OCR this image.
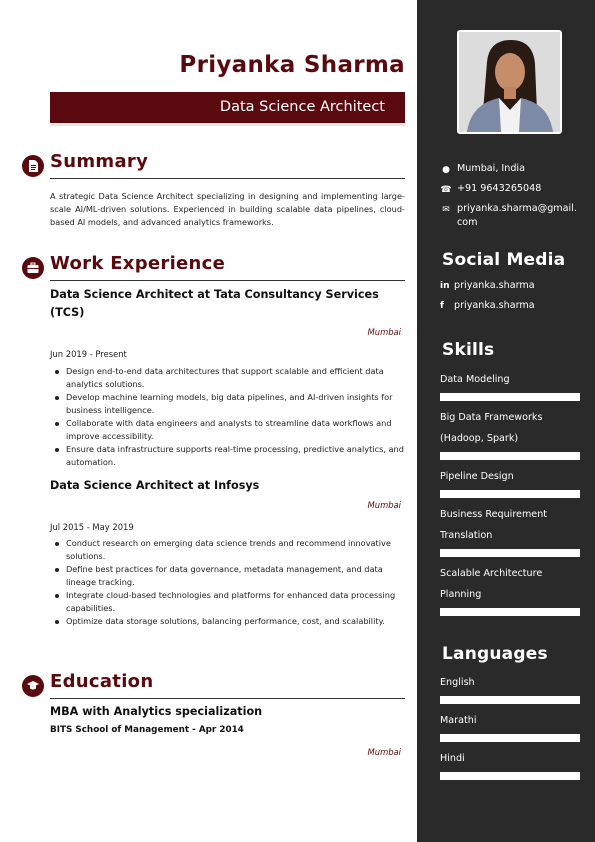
Priyanka Sharma
Data Science Architect
Summary
A strategic Data Science Architect specializing in designing and implementing large-scale AI/ML-driven solutions. Experienced in building scalable data pipelines, cloud-based AI models, and advanced analytics frameworks.
Work Experience
Data Science Architect at Tata Consultancy Services (TCS)
Mumbai
Jun 2019 - Present
Design end-to-end data architectures that support scalable and efficient data analytics solutions.
Develop machine learning models, big data pipelines, and AI-driven insights for business intelligence.
Collaborate with data engineers and analysts to streamline data workflows and improve accessibility.
Ensure data infrastructure supports real-time processing, predictive analytics, and automation.
Data Science Architect at Infosys
Mumbai
Jul 2015 - May 2019
Conduct research on emerging data science trends and recommend innovative solutions.
Define best practices for data governance, metadata management, and data lineage tracking.
Integrate cloud-based technologies and platforms for enhanced data processing capabilities.
Optimize data storage solutions, balancing performance, cost, and scalability.
Education
MBA with Analytics specialization
BITS School of Management - Apr 2014
Mumbai
● Mumbai, India
☎ +91 9643265048
✉ priyanka.sharma@gmail.com
Social Media
in priyanka.sharma
f priyanka.sharma
Skills
Data Modeling
Big Data Frameworks (Hadoop, Spark)
Pipeline Design
Business Requirement Translation
Scalable Architecture Planning
Languages
English
Marathi
Hindi
